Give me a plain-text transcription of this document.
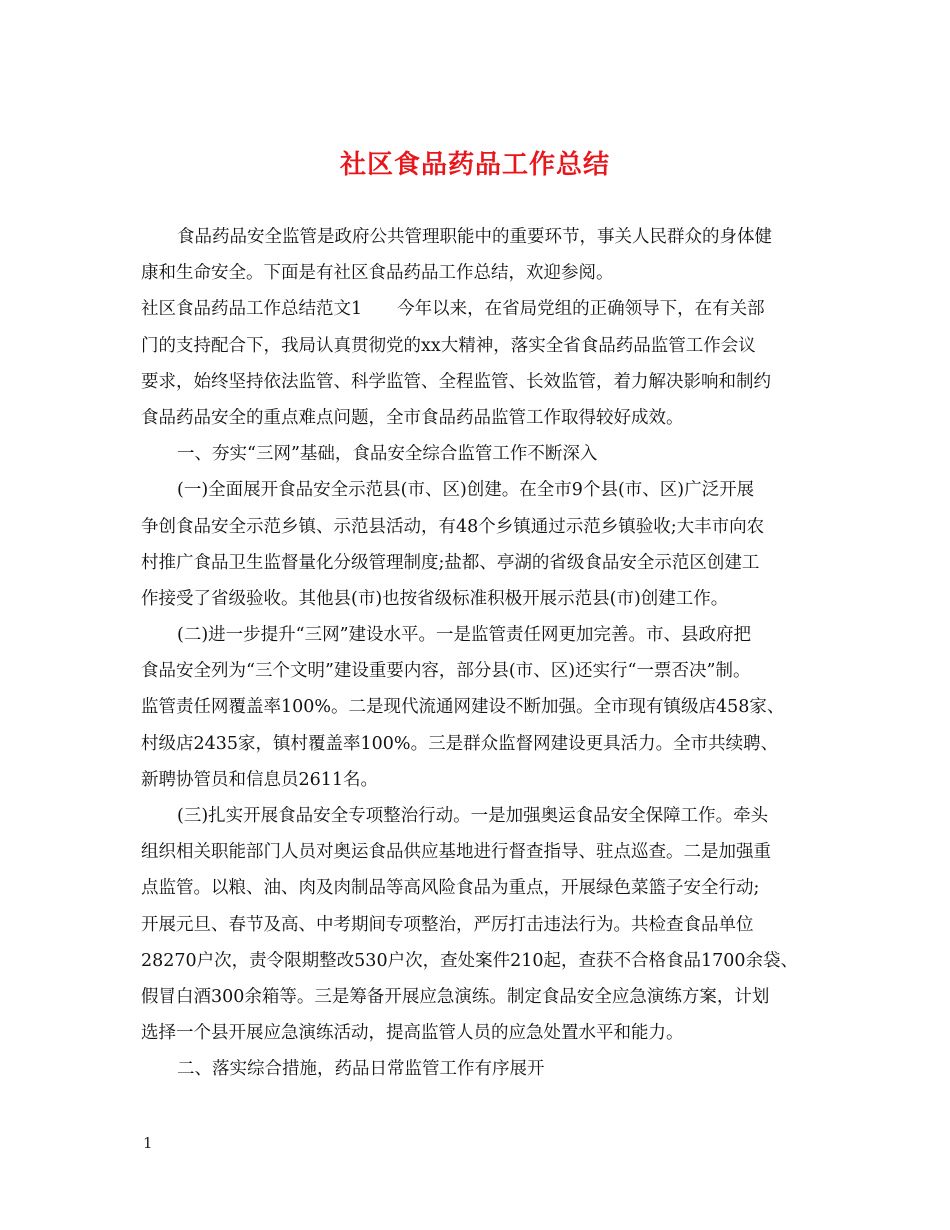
社区食品药品工作总结
食品药品安全监管是政府公共管理职能中的重要环节，事关人民群众的身体健
康和生命安全。下面是有社区食品药品工作总结，欢迎参阅。
社区食品药品工作总结范文1　　今年以来，在省局党组的正确领导下，在有关部
门的支持配合下，我局认真贯彻党的xx大精神，落实全省食品药品监管工作会议
要求，始终坚持依法监管、科学监管、全程监管、长效监管，着力解决影响和制约
食品药品安全的重点难点问题，全市食品药品监管工作取得较好成效。
一、夯实“三网”基础，食品安全综合监管工作不断深入
(一)全面展开食品安全示范县(市、区)创建。在全市9个县(市、区)广泛开展
争创食品安全示范乡镇、示范县活动，有48个乡镇通过示范乡镇验收;大丰市向农
村推广食品卫生监督量化分级管理制度;盐都、亭湖的省级食品安全示范区创建工
作接受了省级验收。其他县(市)也按省级标准积极开展示范县(市)创建工作。
(二)进一步提升“三网”建设水平。一是监管责任网更加完善。市、县政府把
食品安全列为“三个文明”建设重要内容，部分县(市、区)还实行“一票否决”制。
监管责任网覆盖率100%。二是现代流通网建设不断加强。全市现有镇级店458家、
村级店2435家，镇村覆盖率100%。三是群众监督网建设更具活力。全市共续聘、
新聘协管员和信息员2611名。
(三)扎实开展食品安全专项整治行动。一是加强奥运食品安全保障工作。牵头
组织相关职能部门人员对奥运食品供应基地进行督查指导、驻点巡查。二是加强重
点监管。以粮、油、肉及肉制品等高风险食品为重点，开展绿色菜篮子安全行动;
开展元旦、春节及高、中考期间专项整治，严厉打击违法行为。共检查食品单位
28270户次，责令限期整改530户次，查处案件210起，查获不合格食品1700余袋、
假冒白酒300余箱等。三是筹备开展应急演练。制定食品安全应急演练方案，计划
选择一个县开展应急演练活动，提高监管人员的应急处置水平和能力。
二、落实综合措施，药品日常监管工作有序展开
1
